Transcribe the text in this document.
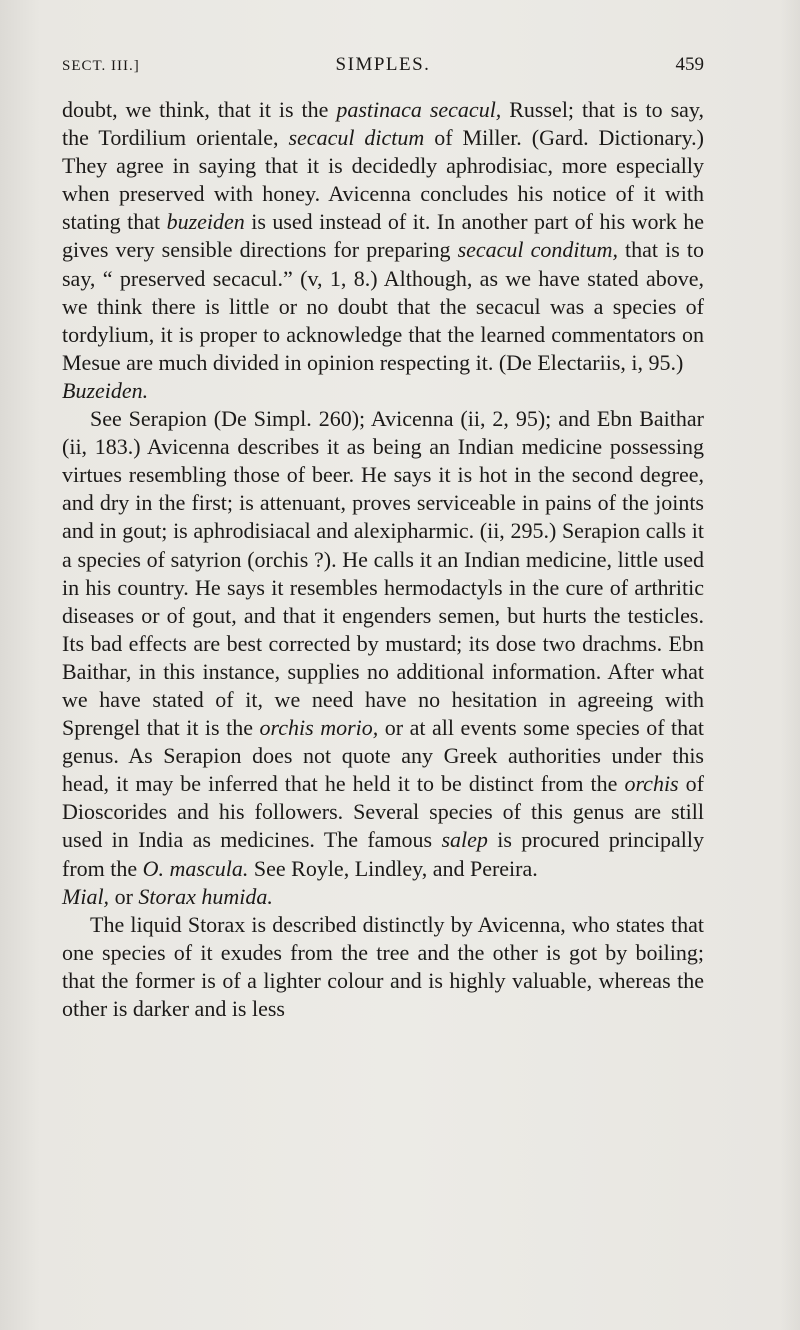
SECT. III.]	SIMPLES.	459

doubt, we think, that it is the pastinaca secacul, Russel; that is to say, the Tordilium orientale, secacul dictum of Miller. (Gard. Dictionary.) They agree in saying that it is decidedly aphrodisiac, more especially when preserved with honey. Avicenna concludes his notice of it with stating that buzeiden is used instead of it. In another part of his work he gives very sensible directions for preparing secacul conditum, that is to say, “ preserved secacul.” (v, 1, 8.) Although, as we have stated above, we think there is little or no doubt that the secacul was a species of tordylium, it is proper to acknowledge that the learned commentators on Mesue are much divided in opinion respecting it. (De Electariis, i, 95.)

Buzeiden.

See Serapion (De Simpl. 260); Avicenna (ii, 2, 95); and Ebn Baithar (ii, 183.) Avicenna describes it as being an Indian medicine possessing virtues resembling those of beer. He says it is hot in the second degree, and dry in the first; is attenuant, proves serviceable in pains of the joints and in gout; is aphrodisiacal and alexipharmic. (ii, 295.) Serapion calls it a species of satyrion (orchis ?). He calls it an Indian medicine, little used in his country. He says it resembles hermodactyls in the cure of arthritic diseases or of gout, and that it engenders semen, but hurts the testicles. Its bad effects are best corrected by mustard; its dose two drachms. Ebn Baithar, in this instance, supplies no additional information. After what we have stated of it, we need have no hesitation in agreeing with Sprengel that it is the orchis morio, or at all events some species of that genus. As Serapion does not quote any Greek authorities under this head, it may be inferred that he held it to be distinct from the orchis of Dioscorides and his followers. Several species of this genus are still used in India as medicines. The famous salep is procured principally from the O. mascula. See Royle, Lindley, and Pereira.

Mial, or Storax humida.

The liquid Storax is described distinctly by Avicenna, who states that one species of it exudes from the tree and the other is got by boiling; that the former is of a lighter colour and is highly valuable, whereas the other is darker and is less
